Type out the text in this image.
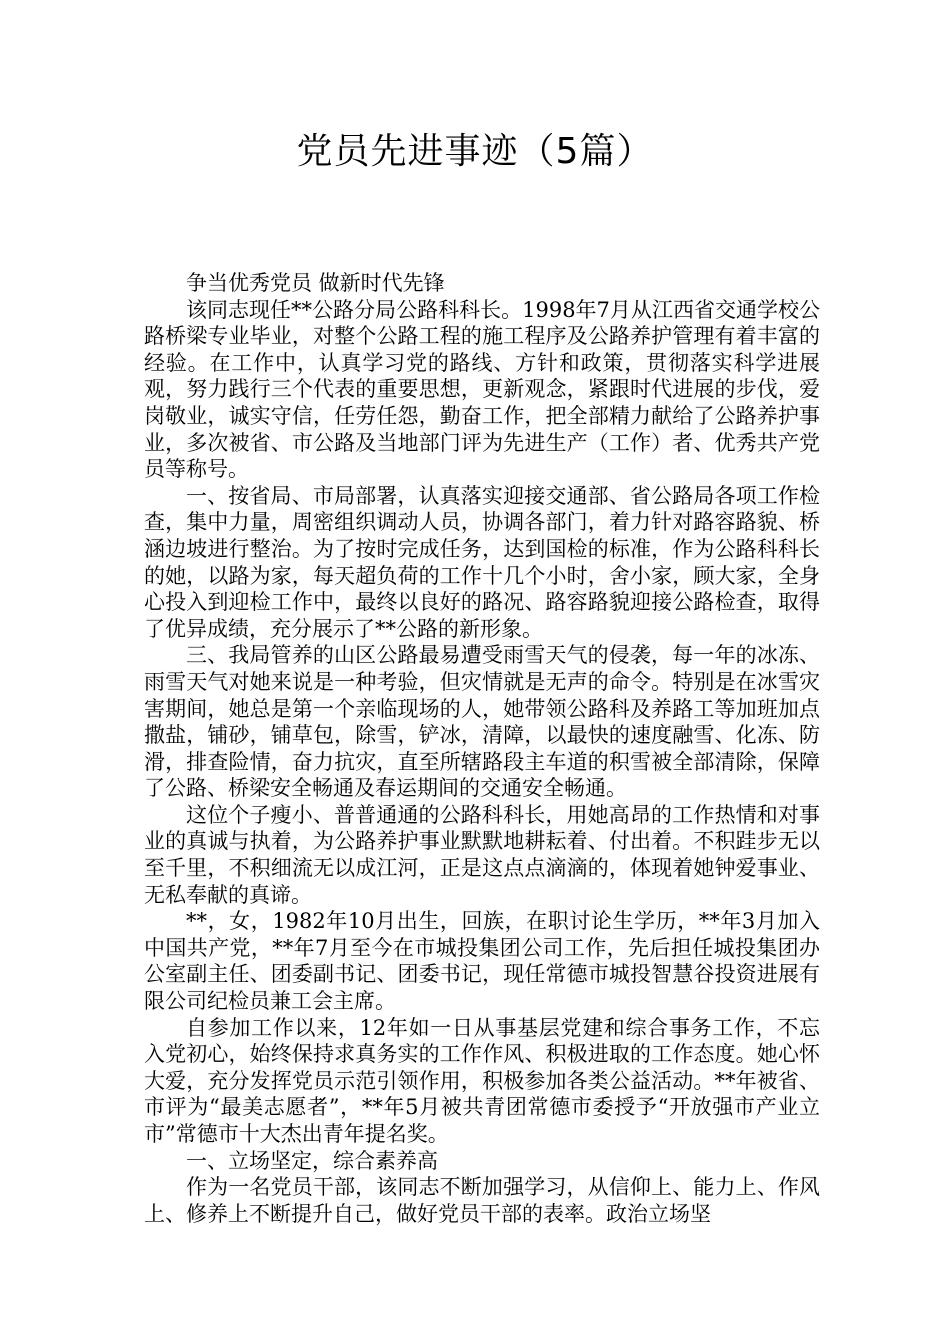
党员先进事迹（5篇）

争当优秀党员 做新时代先锋

该同志现任**公路分局公路科科长。1998年7月从江西省交通学校公路桥梁专业毕业，对整个公路工程的施工程序及公路养护管理有着丰富的经验。在工作中，认真学习党的路线、方针和政策，贯彻落实科学进展观，努力践行三个代表的重要思想，更新观念，紧跟时代进展的步伐，爱岗敬业，诚实守信，任劳任怨，勤奋工作，把全部精力献给了公路养护事业，多次被省、市公路及当地部门评为先进生产（工作）者、优秀共产党员等称号。

一、按省局、市局部署，认真落实迎接交通部、省公路局各项工作检查，集中力量，周密组织调动人员，协调各部门，着力针对路容路貌、桥涵边坡进行整治。为了按时完成任务，达到国检的标准，作为公路科科长的她，以路为家，每天超负荷的工作十几个小时，舍小家，顾大家，全身心投入到迎检工作中，最终以良好的路况、路容路貌迎接公路检查，取得了优异成绩，充分展示了**公路的新形象。

三、我局管养的山区公路最易遭受雨雪天气的侵袭，每一年的冰冻、雨雪天气对她来说是一种考验，但灾情就是无声的命令。特别是在冰雪灾害期间，她总是第一个亲临现场的人，她带领公路科及养路工等加班加点撒盐，铺砂，铺草包，除雪，铲冰，清障，以最快的速度融雪、化冻、防滑，排查险情，奋力抗灾，直至所辖路段主车道的积雪被全部清除，保障了公路、桥梁安全畅通及春运期间的交通安全畅通。

这位个子瘦小、普普通通的公路科科长，用她高昂的工作热情和对事业的真诚与执着，为公路养护事业默默地耕耘着、付出着。不积跬步无以至千里，不积细流无以成江河，正是这点点滴滴的，体现着她钟爱事业、无私奉献的真谛。

**，女，1982年10月出生，回族，在职讨论生学历，**年3月加入中国共产党，**年7月至今在市城投集团公司工作，先后担任城投集团办公室副主任、团委副书记、团委书记，现任常德市城投智慧谷投资进展有限公司纪检员兼工会主席。

自参加工作以来，12年如一日从事基层党建和综合事务工作，不忘入党初心，始终保持求真务实的工作作风、积极进取的工作态度。她心怀大爱，充分发挥党员示范引领作用，积极参加各类公益活动。**年被省、市评为“最美志愿者”，**年5月被共青团常德市委授予“开放强市产业立市”常德市十大杰出青年提名奖。

一、立场坚定，综合素养高

作为一名党员干部，该同志不断加强学习，从信仰上、能力上、作风上、修养上不断提升自己，做好党员干部的表率。政治立场坚
